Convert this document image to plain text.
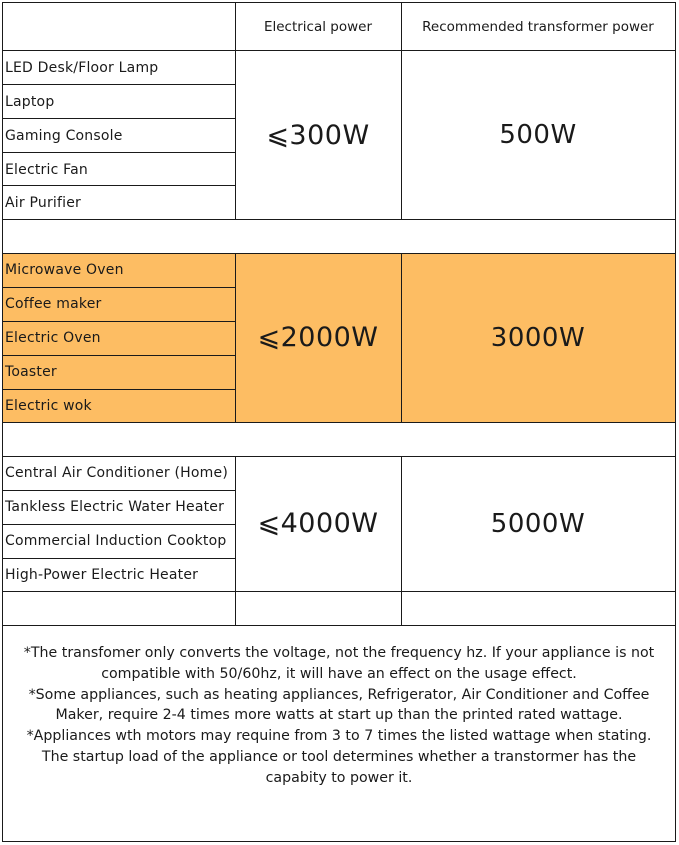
Electrical power	Recommended transformer power
LED Desk/Floor Lamp
Laptop
Gaming Console
Electric Fan
Air Purifier
⩽300W	500W
Microwave Oven
Coffee maker
Electric Oven
Toaster
Electric wok
⩽2000W	3000W
Central Air Conditioner (Home)
Tankless Electric Water Heater
Commercial Induction Cooktop
High-Power Electric Heater
⩽4000W	5000W
*The transfomer only converts the voltage, not the frequency hz. If your appliance is not
compatible with 50/60hz, it will have an effect on the usage effect.
*Some appliances, such as heating appliances, Refrigerator, Air Conditioner and Coffee
Maker, require 2-4 times more watts at start up than the printed rated wattage.
*Appliances wth motors may requine from 3 to 7 times the listed wattage when stating.
The startup load of the appliance or tool determines whether a transtormer has the
capabity to power it.
